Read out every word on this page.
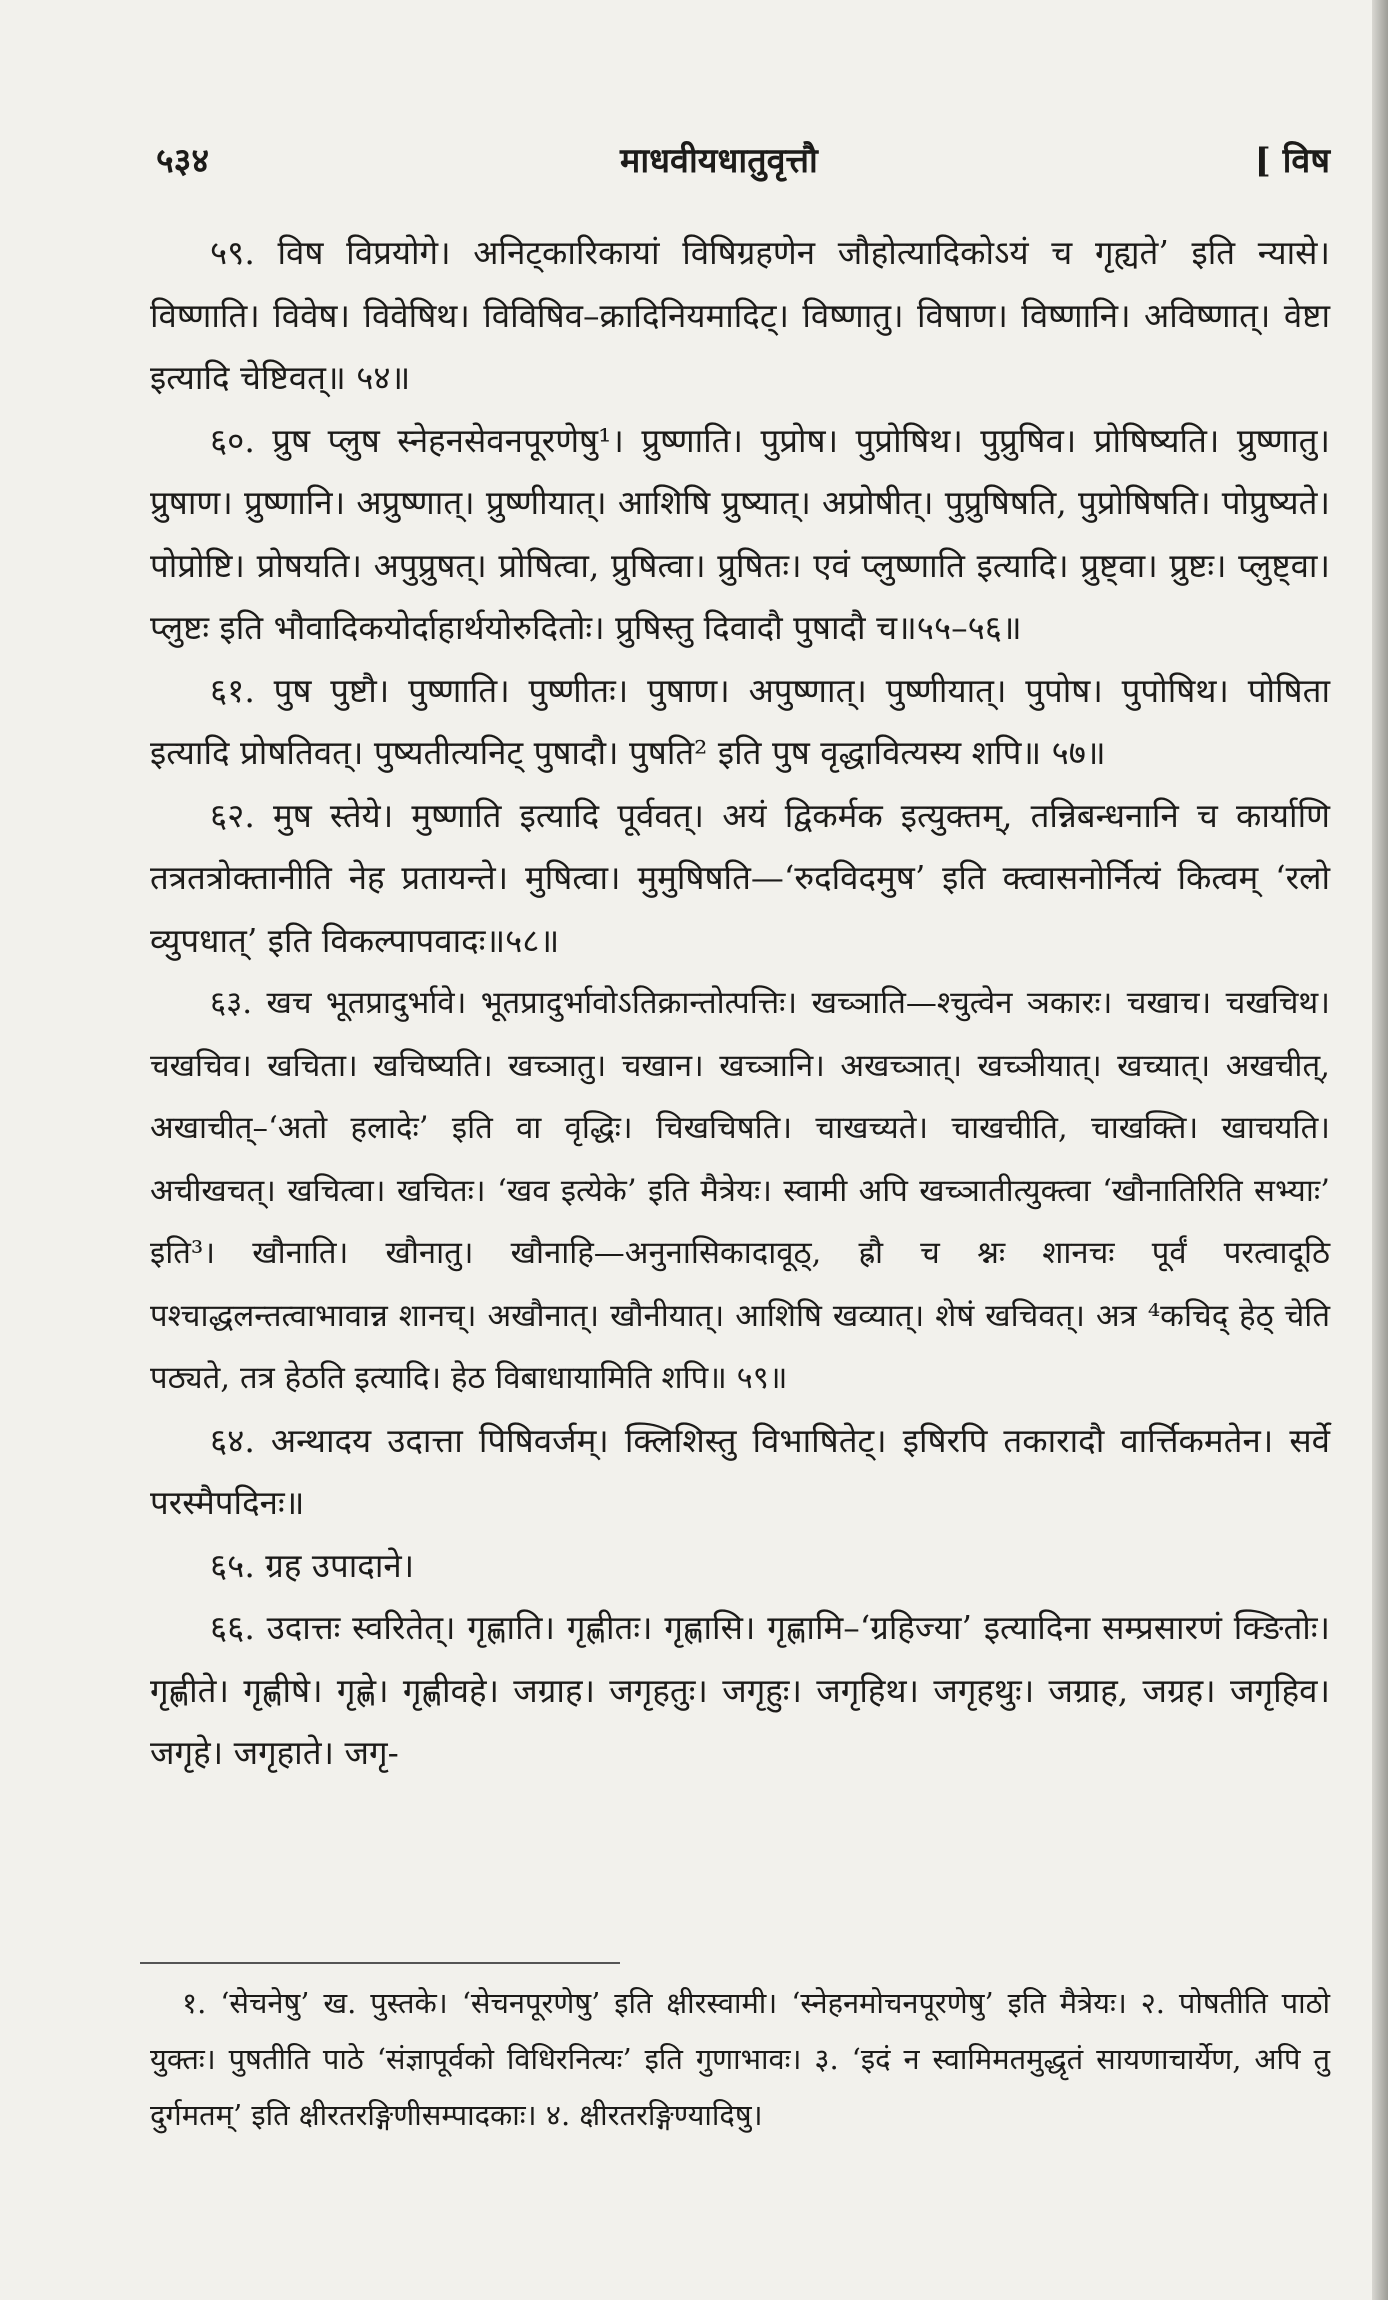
५३४	माधवीयधातुवृत्तौ	[ विष

५९. विष विप्रयोगे। अनिट्कारिकायां विषिग्रहणेन जौहोत्यादिकोऽयं च गृह्यते’ इति न्यासे। विष्णाति। विवेष। विवेषिथ। विविषिव–क्रादिनियमादिट्। विष्णातु। विषाण। विष्णानि। अविष्णात्। वेष्टा इत्यादि चेष्टिवत्॥ ५४॥

६०. प्रुष प्लुष स्नेहनसेवनपूरणेषु¹। प्रुष्णाति। पुप्रोष। पुप्रोषिथ। पुप्रुषिव। प्रोषिष्यति। प्रुष्णातु। प्रुषाण। प्रुष्णानि। अप्रुष्णात्। प्रुष्णीयात्। आशिषि प्रुष्यात्। अप्रोषीत्। पुप्रुषिषति, पुप्रोषिषति। पोप्रुष्यते। पोप्रोष्टि। प्रोषयति। अपुप्रुषत्। प्रोषित्वा, प्रुषित्वा। प्रुषितः। एवं प्लुष्णाति इत्यादि। प्रुष्ट्वा। प्रुष्टः। प्लुष्ट्वा। प्लुष्टः इति भौवादिकयोर्दाहार्थयोरुदितोः। प्रुषिस्तु दिवादौ पुषादौ च॥५५–५६॥

६१. पुष पुष्टौ। पुष्णाति। पुष्णीतः। पुषाण। अपुष्णात्। पुष्णीयात्। पुपोष। पुपोषिथ। पोषिता इत्यादि प्रोषतिवत्। पुष्यतीत्यनिट् पुषादौ। पुषति² इति पुष वृद्धावित्यस्य शपि॥ ५७॥

६२. मुष स्तेये। मुष्णाति इत्यादि पूर्ववत्। अयं द्विकर्मक इत्युक्तम्, तन्निबन्धनानि च कार्याणि तत्रतत्रोक्तानीति नेह प्रतायन्ते। मुषित्वा। मुमुषिषति—‘रुदविदमुष’ इति क्त्वासनोर्नित्यं कित्वम् ‘रलो व्युपधात्’ इति विकल्पापवादः॥५८॥

६३. खच भूतप्रादुर्भावे। भूतप्रादुर्भावोऽतिक्रान्तोत्पत्तिः। खच्ञाति—श्चुत्वेन ञकारः। चखाच। चखचिथ। चखचिव। खचिता। खचिष्यति। खच्ञातु। चखान। खच्ञानि। अखच्ञात्। खच्ञीयात्। खच्यात्। अखचीत्, अखाचीत्–‘अतो हलादेः’ इति वा वृद्धिः। चिखचिषति। चाखच्यते। चाखचीति, चाखक्ति। खाचयति। अचीखचत्। खचित्वा। खचितः। ‘खव इत्येके’ इति मैत्रेयः। स्वामी अपि खच्ञातीत्युक्त्वा ‘खौनातिरिति सभ्याः’ इति³। खौनाति। खौनातु। खौनाहि—अनुनासिकादावूठ्, ह्रौ च श्नः शानचः पूर्वं परत्वादूठि पश्चाद्धलन्तत्वाभावान्न शानच्। अखौनात्। खौनीयात्। आशिषि खव्यात्। शेषं खचिवत्। अत्र ⁴कचिद् हेठ् चेति पठ्यते, तत्र हेठति इत्यादि। हेठ विबाधायामिति शपि॥ ५९॥

६४. अन्थादय उदात्ता पिषिवर्जम्। क्लिशिस्तु विभाषितेट्। इषिरपि तकारादौ वार्त्तिकमतेन। सर्वे परस्मैपदिनः॥

६५. ग्रह उपादाने।

६६. उदात्तः स्वरितेत्। गृह्णाति। गृह्णीतः। गृह्णासि। गृह्णामि–‘ग्रहिज्या’ इत्यादिना सम्प्रसारणं क्ङितोः। गृह्णीते। गृह्णीषे। गृह्णे। गृह्णीवहे। जग्राह। जगृहतुः। जगृहुः। जगृहिथ। जगृहथुः। जग्राह, जग्रह। जगृहिव। जगृहे। जगृहाते। जगृ-

१. ‘सेचनेषु’ ख. पुस्तके। ‘सेचनपूरणेषु’ इति क्षीरस्वामी। ‘स्नेहनमोचनपूरणेषु’ इति मैत्रेयः। २. पोषतीति पाठो युक्तः। पुषतीति पाठे ‘संज्ञापूर्वको विधिरनित्यः’ इति गुणाभावः। ३. ‘इदं न स्वामिमतमुद्धृतं सायणाचार्येण, अपि तु दुर्गमतम्’ इति क्षीरतरङ्गिणीसम्पादकाः। ४. क्षीरतरङ्गिण्यादिषु।
